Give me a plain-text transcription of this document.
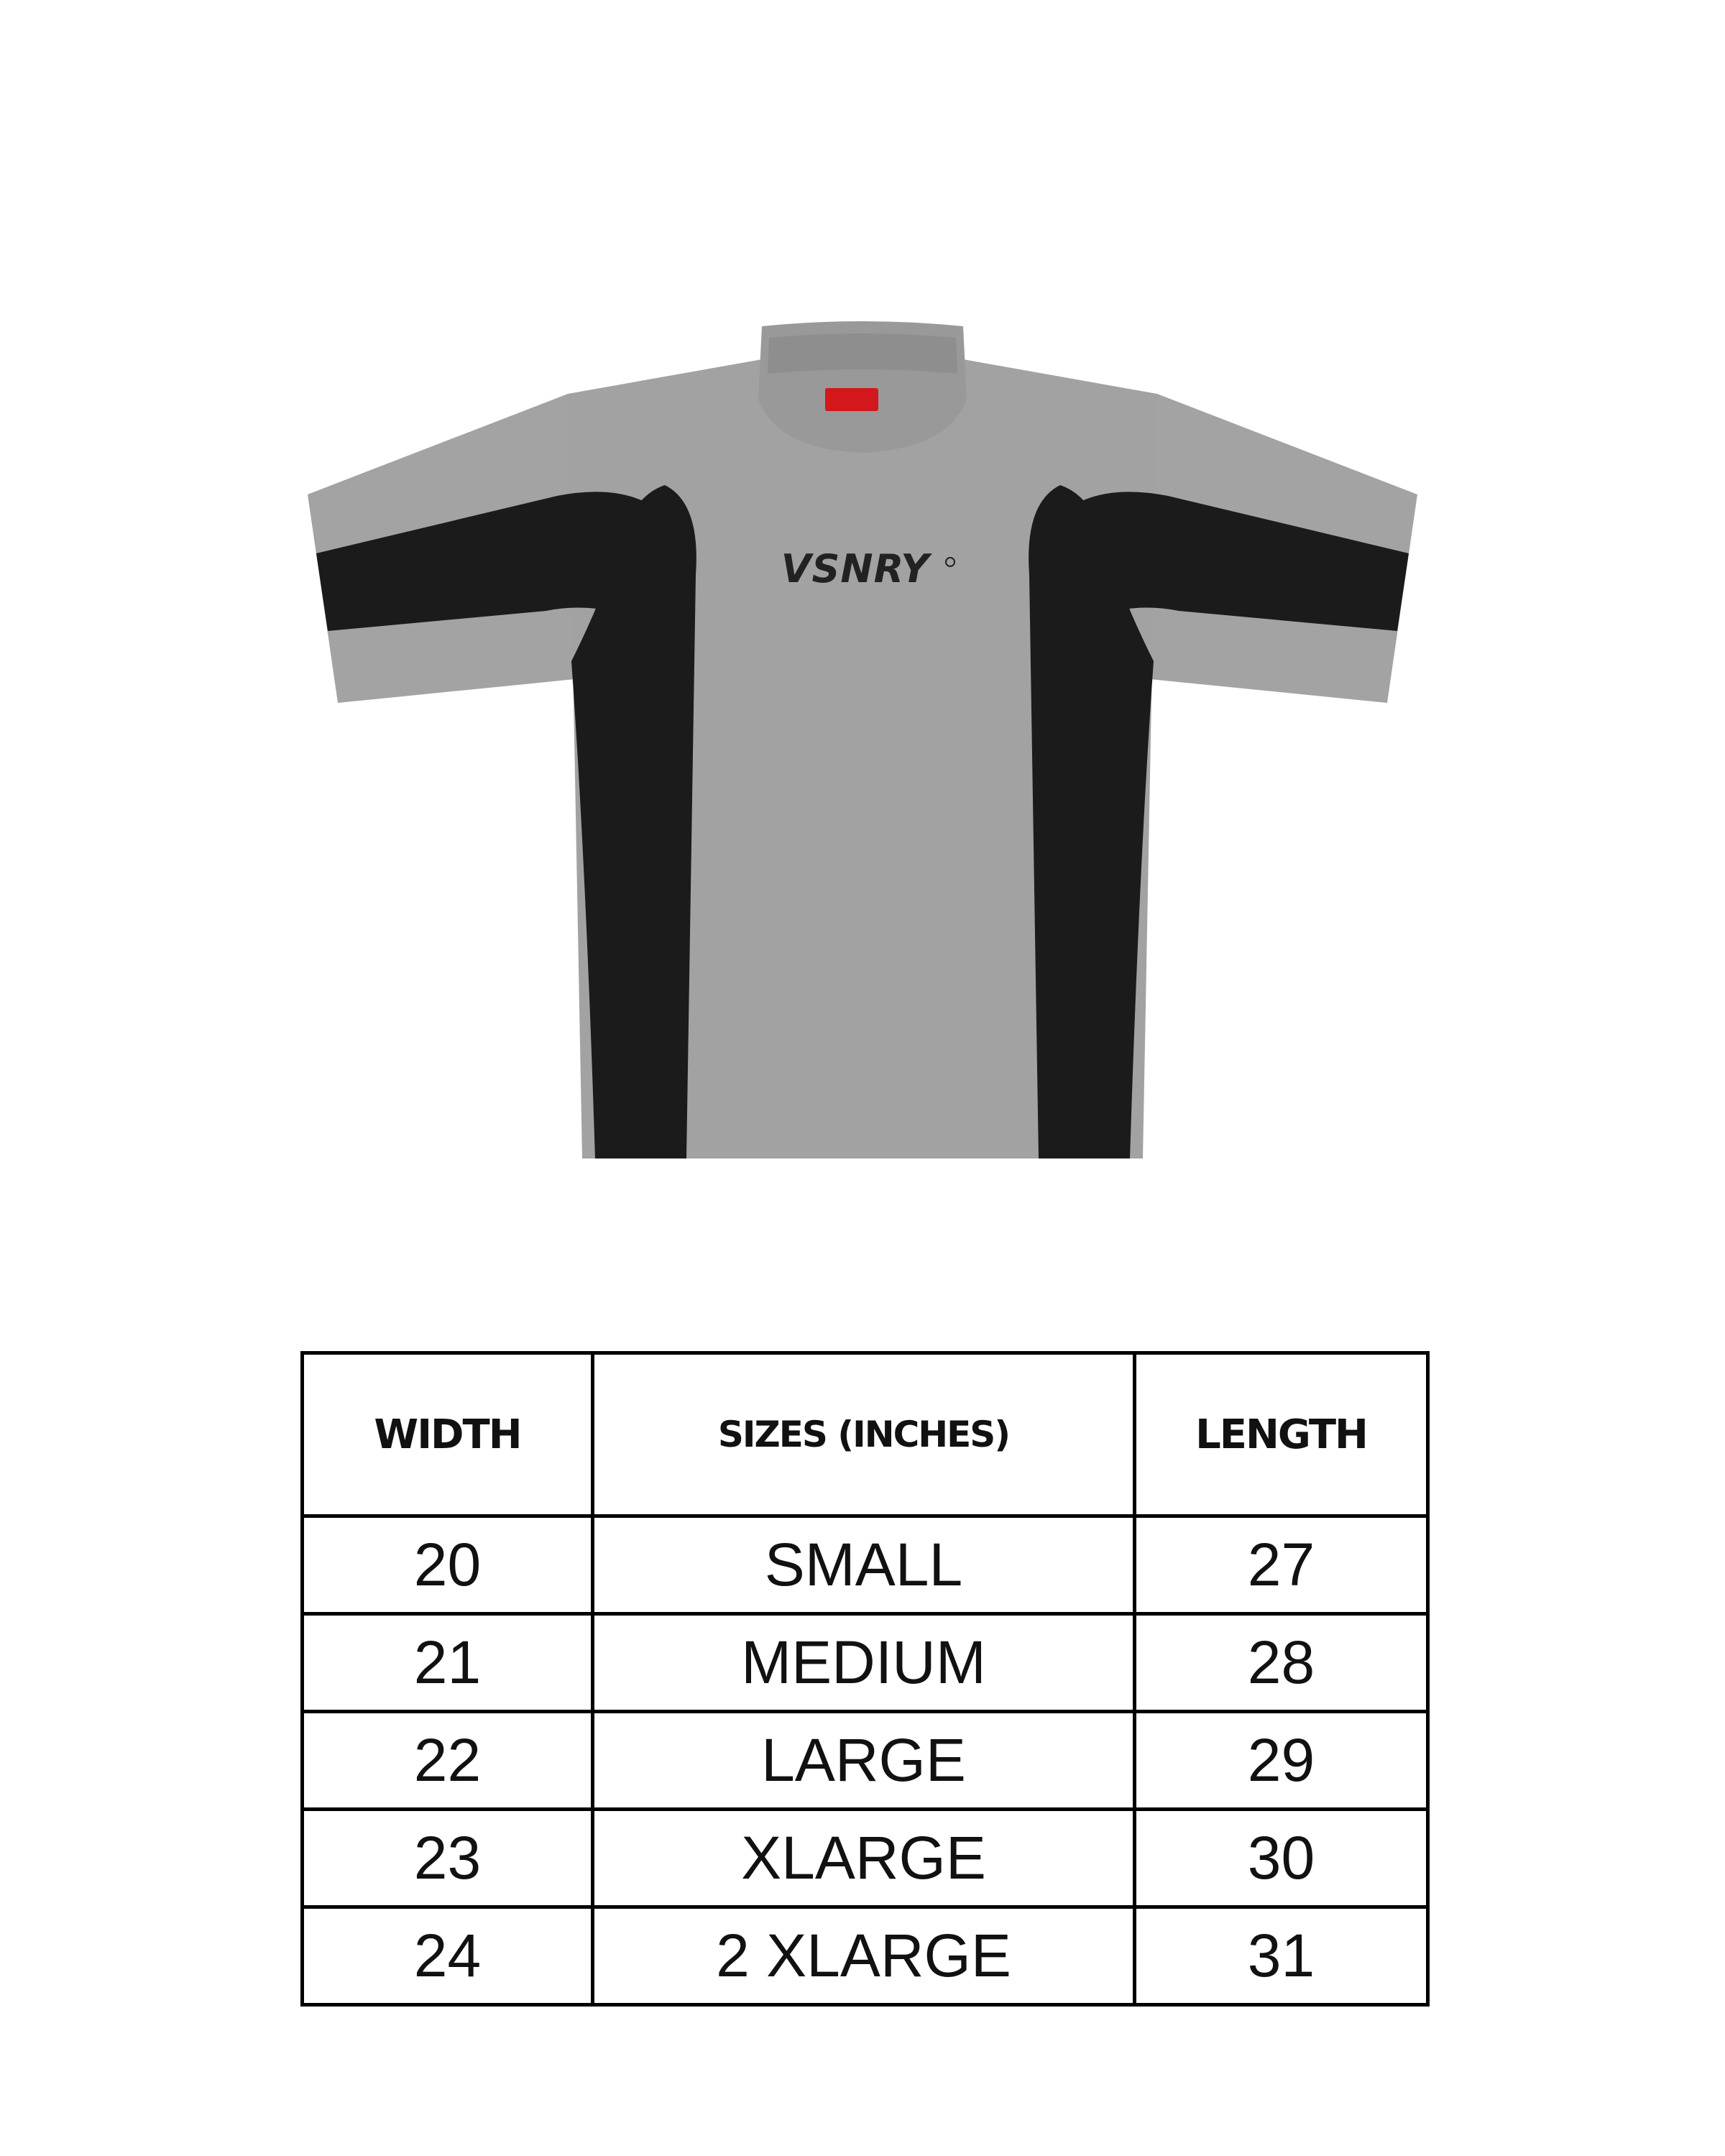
VSNRY
WIDTH	SIZES (INCHES)	LENGTH
20	SMALL	27
21	MEDIUM	28
22	LARGE	29
23	XLARGE	30
24	2 XLARGE	31
